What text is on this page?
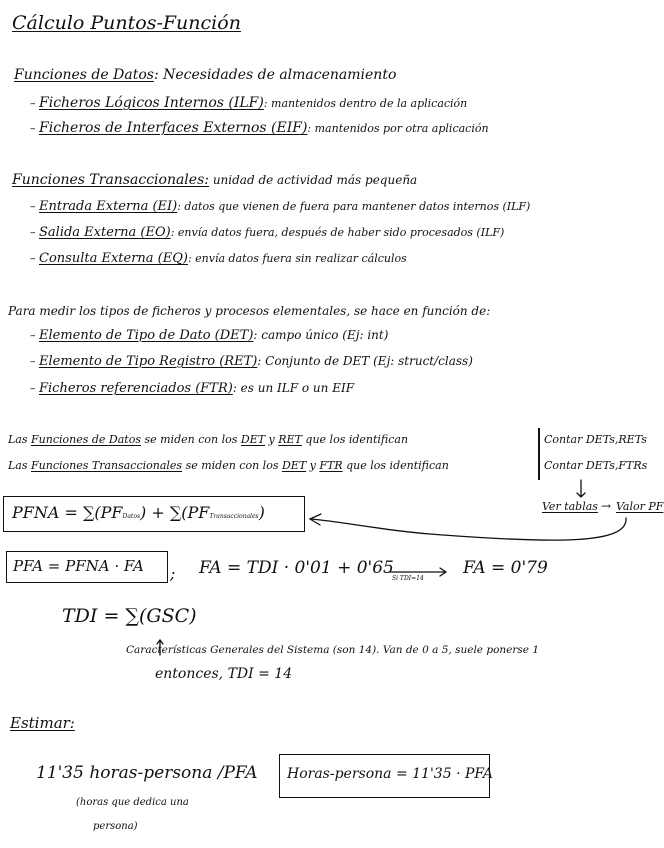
Cálculo Puntos-Función
Funciones de Datos: Necesidades de almacenamiento
– Ficheros Lógicos Internos (ILF): mantenidos dentro de la aplicación
– Ficheros de Interfaces Externos (EIF): mantenidos por otra aplicación
Funciones Transaccionales: unidad de actividad más pequeña
– Entrada Externa (EI): datos que vienen de fuera para mantener datos internos (ILF)
– Salida Externa (EO): envía datos fuera, después de haber sido procesados (ILF)
– Consulta Externa (EQ): envía datos fuera sin realizar cálculos
Para medir los tipos de ficheros y procesos elementales, se hace en función de:
– Elemento de Tipo de Dato (DET): campo único (Ej: int)
– Elemento de Tipo Registro (RET): Conjunto de DET (Ej: struct/class)
– Ficheros referenciados (FTR): es un ILF o un EIF
Las Funciones de Datos se miden con los DET y RET que los identifican
Las Funciones Transaccionales se miden con los DET y FTR que los identifican
Contar DETs,RETs
Contar DETs,FTRs
Ver tablas → Valor PF
PFNA = ∑(PFDatos) + ∑(PFTransaccionales)
PFA = PFNA · FA ; FA = TDI · 0'01 + 0'65
Si TDI=14
FA = 0'79
TDI = ∑(GSC)
Características Generales del Sistema (son 14). Van de 0 a 5, suele ponerse 1
entonces, TDI = 14
Estimar:
11'35 horas-persona /PFA
(horas que dedica una
persona)
Horas-persona = 11'35 · PFA
